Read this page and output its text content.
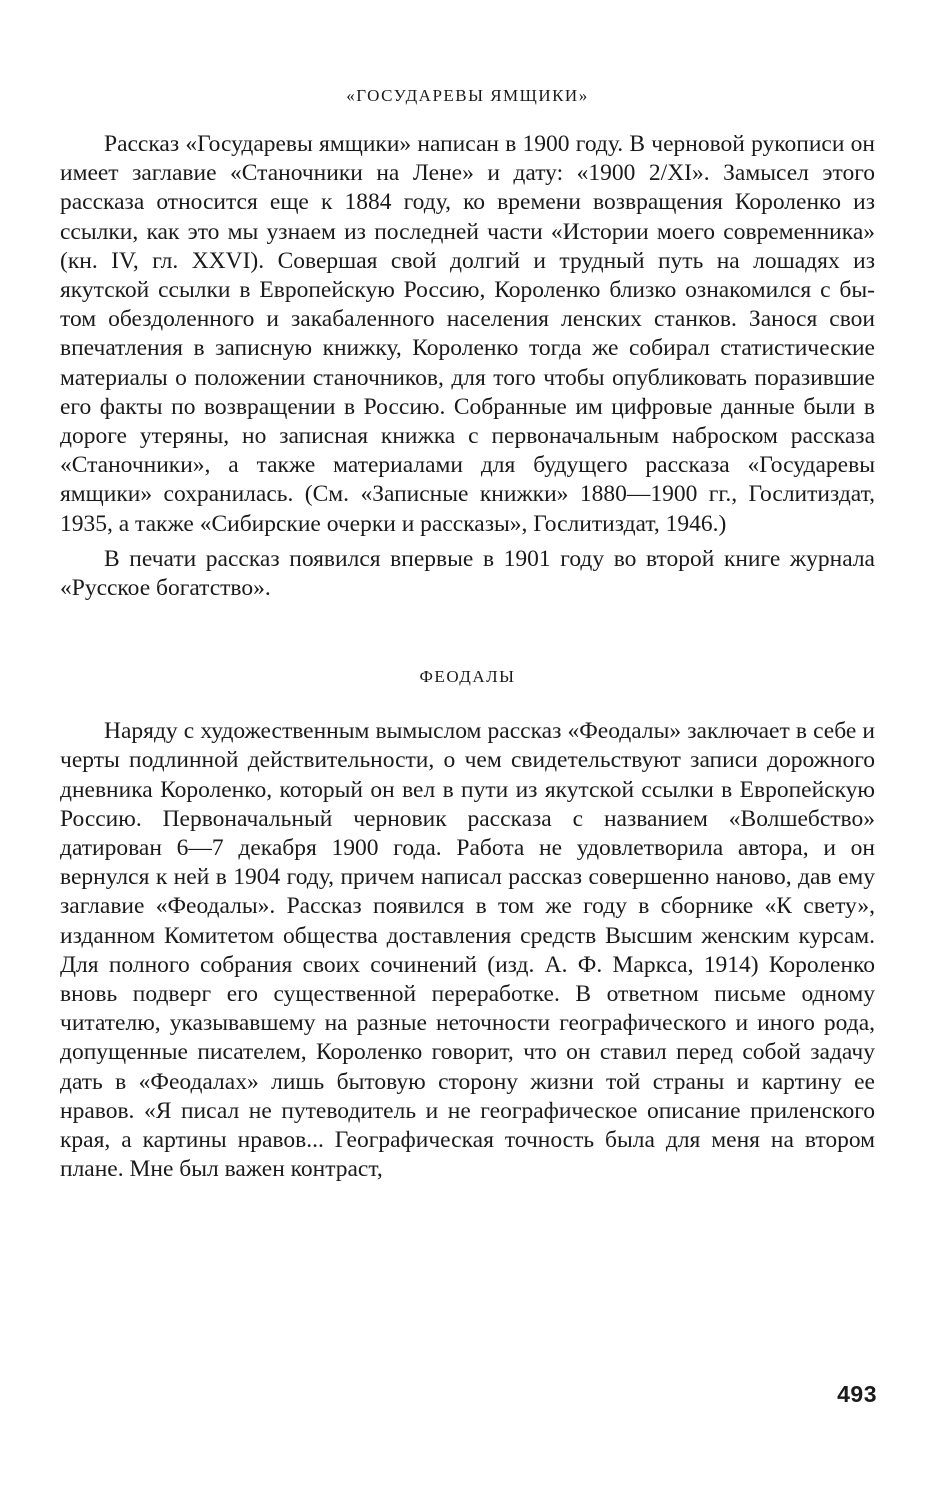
«ГОСУДАРЕВЫ ЯМЩИКИ»

Рассказ «Государевы ямщики» написан в 1900 году. В черновой рукописи он имеет заглавие «Станочники на Лене» и дату: «1900 2/XI». Замысел этого рассказа относится еще к 1884 году, ко времени возвращения Короленко из ссылки, как это мы узнаем из последней части «Истории моего современника» (кн. IV, гл. XXVI). Совершая свой долгий и трудный путь на лошадях из якутской ссылки в Европейскую Россию, Короленко близко ознакомился с бытом обездоленного и закабаленного населения ленских станков. Занося свои впечатления в записную книжку, Короленко тогда же собирал статистические материалы о положении станочников, для того чтобы опубликовать поразившие его факты по возвращении в Россию. Собранные им цифровые данные были в дороге утеряны, но записная книжка с первоначальным наброском рассказа «Станочники», а также материалами для будущего рассказа «Государевы ямщики» сохранилась. (См. «Записные книжки» 1880—1900 гг., Гослитиздат, 1935, а также «Сибирские очерки и рассказы», Гослитиздат, 1946.)

В печати рассказ появился впервые в 1901 году во второй книге журнала «Русское богатство».

ФЕОДАЛЫ

Наряду с художественным вымыслом рассказ «Феодалы» заключает в себе и черты подлинной действительности, о чем свидетельствуют записи дорожного дневника Короленко, который он вел в пути из якутской ссылки в Европейскую Россию. Первоначальный черновик рассказа с названием «Волшебство» датирован 6—7 декабря 1900 года. Работа не удовлетворила автора, и он вернулся к ней в 1904 году, причем написал рассказ совершенно наново, дав ему заглавие «Феодалы». Рассказ появился в том же году в сборнике «К свету», изданном Комитетом общества доставления средств Высшим женским курсам. Для полного собрания своих сочинений (изд. А. Ф. Маркса, 1914) Короленко вновь подверг его существенной переработке. В ответном письме одному читателю, указывавшему на разные неточности географического и иного рода, допущенные писателем, Короленко говорит, что он ставил перед собой задачу дать в «Феодалах» лишь бытовую сторону жизни той страны и картину ее нравов. «Я писал не путеводитель и не географическое описание приленского края, а картины нравов... Географическая точность была для меня на втором плане. Мне был важен контраст,

493
